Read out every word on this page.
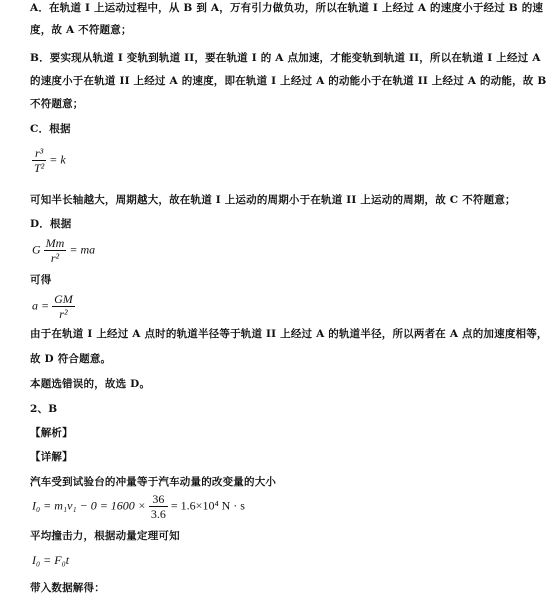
A．在轨道 I 上运动过程中，从 B 到 A，万有引力做负功，所以在轨道 I 上经过 A 的速度小于经过 B 的速
度，故 A 不符题意；
B．要实现从轨道 I 变轨到轨道 II，要在轨道 I 的 A 点加速，才能变轨到轨道 II，所以在轨道 I 上经过 A
的速度小于在轨道 II 上经过 A 的速度，即在轨道 I 上经过 A 的动能小于在轨道 II 上经过 A 的动能，故 B
不符题意；
C．根据
$\frac{\text{r³}}{\text{T²}} = k$
可知半长轴越大，周期越大，故在轨道 I 上运动的周期小于在轨道 II 上运动的周期，故 C 不符题意；
D．根据
G $\frac{Mm}{\text{r²}}$ = ma
可得
$a = \frac{GM}{\text{r²}}$
由于在轨道 I 上经过 A 点时的轨道半径等于轨道 II 上经过 A 的轨道半径，所以两者在 A 点的加速度相等，
故 D 符合题意。
本题选错误的，故选 D。
2、B
【解析】
【详解】
汽车受到试验台的冲量等于汽车动量的改变量的大小
$I_0 = m_1v_1 - 0 = 1600 \times \frac{36}{3.6} = 1.6\times 10^4$ N · s
平均撞击力，根据动量定理可知
I₀ = F₀t
带入数据解得：
